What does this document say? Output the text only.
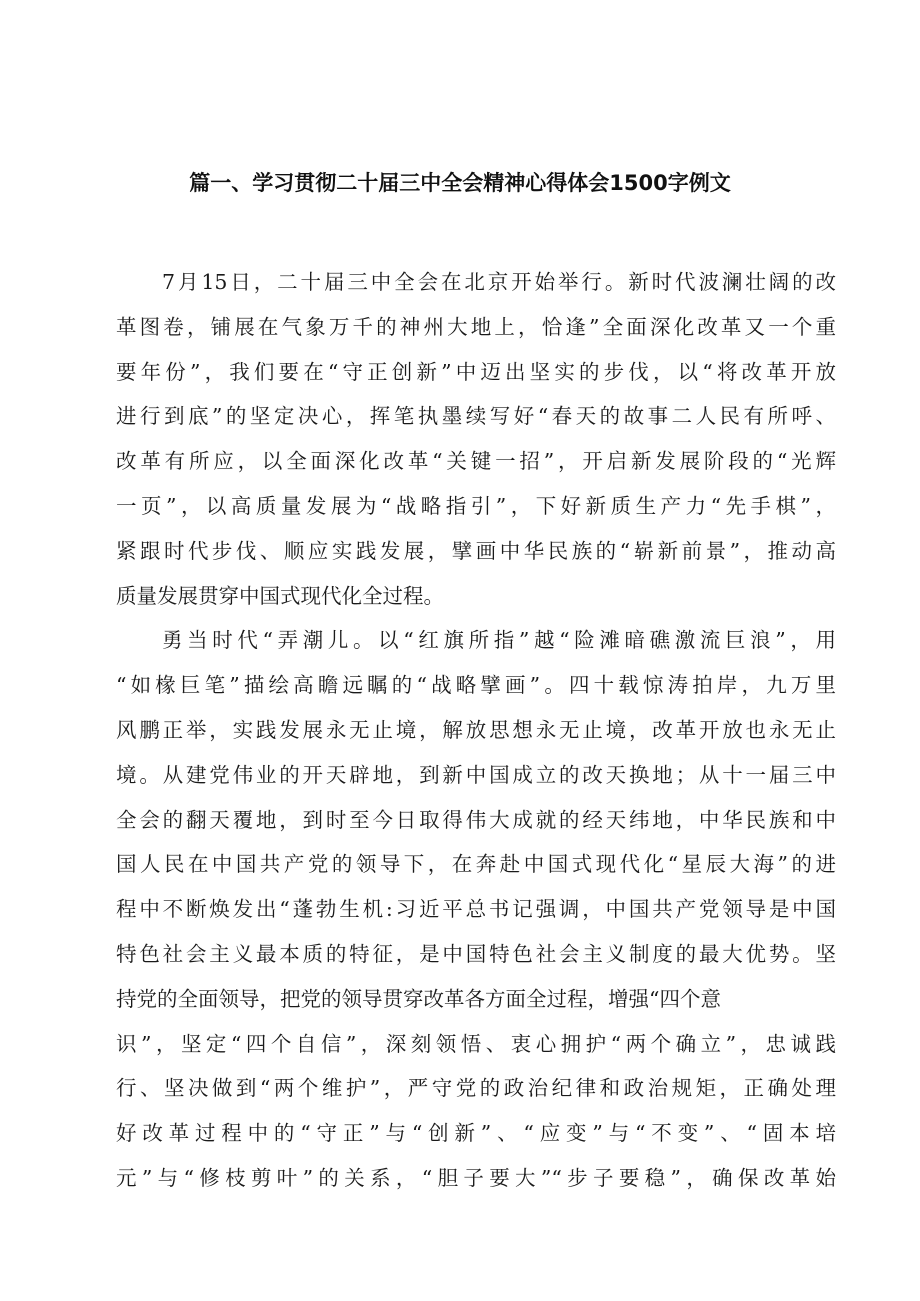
篇一、学习贯彻二十届三中全会精神心得体会1500字例文
7月15日，二十届三中全会在北京开始举行。新时代波澜壮阔的改
革图卷，铺展在气象万千的神州大地上，恰逢”全面深化改革又一个重
要年份”，我们要在“守正创新”中迈出坚实的步伐，以“将改革开放
进行到底”的坚定决心，挥笔执墨续写好“春天的故事二人民有所呼、
改革有所应，以全面深化改革“关键一招”，开启新发展阶段的“光辉
一页”，以高质量发展为“战略指引”，下好新质生产力“先手棋”，
紧跟时代步伐、顺应实践发展，擘画中华民族的“崭新前景”，推动高
质量发展贯穿中国式现代化全过程。
勇当时代“弄潮儿。以“红旗所指”越“险滩暗礁激流巨浪”，用
“如椽巨笔”描绘高瞻远瞩的“战略擘画”。四十载惊涛拍岸，九万里
风鹏正举，实践发展永无止境，解放思想永无止境，改革开放也永无止
境。从建党伟业的开天辟地，到新中国成立的改天换地；从十一届三中
全会的翻天覆地，到时至今日取得伟大成就的经天纬地，中华民族和中
国人民在中国共产党的领导下，在奔赴中国式现代化“星辰大海”的进
程中不断焕发出“蓬勃生机:习近平总书记强调，中国共产党领导是中国
特色社会主义最本质的特征，是中国特色社会主义制度的最大优势。坚
持党的全面领导，把党的领导贯穿改革各方面全过程，增强“四个意
识”，坚定“四个自信”，深刻领悟、衷心拥护“两个确立”，忠诚践
行、坚决做到“两个维护”，严守党的政治纪律和政治规矩，正确处理
好改革过程中的“守正”与“创新”、“应变”与“不变”、“固本培
元”与“修枝剪叶”的关系，“胆子要大”“步子要稳”，确保改革始
